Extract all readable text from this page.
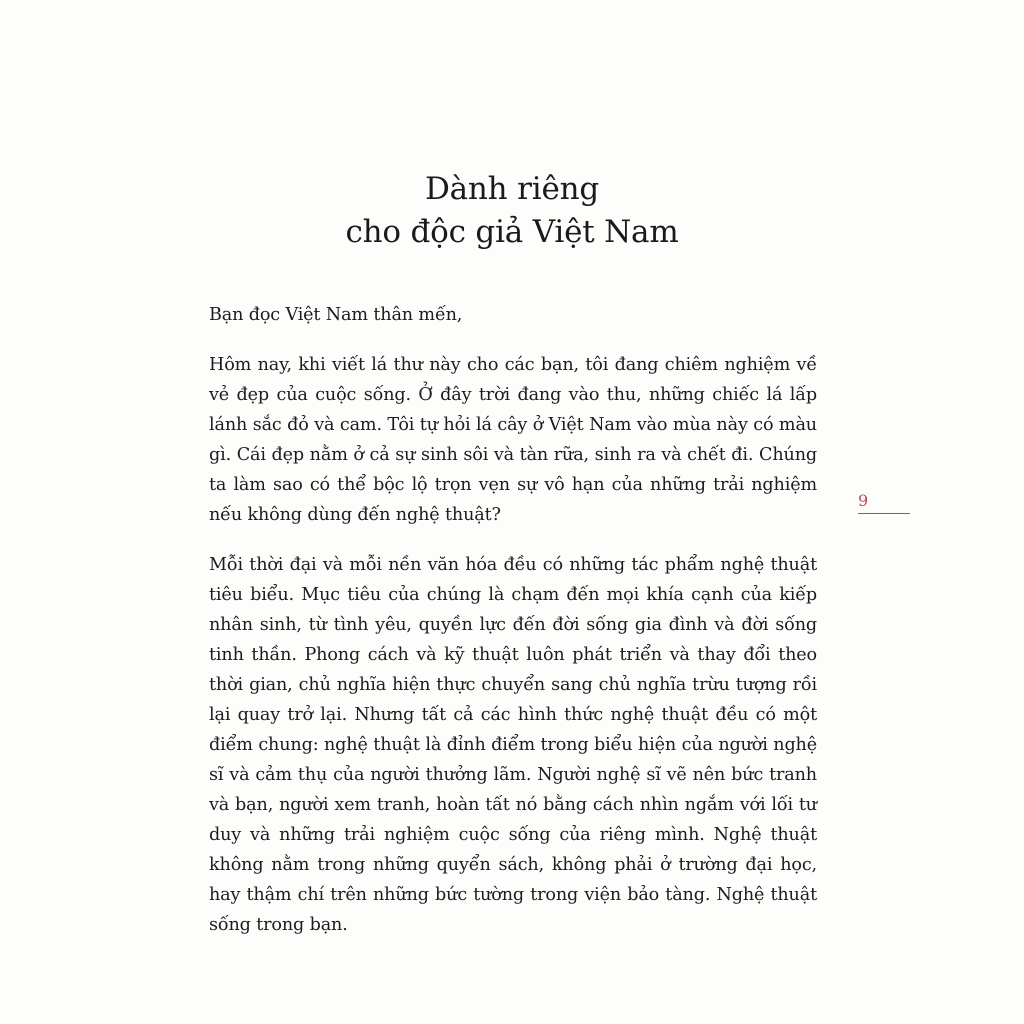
Dành riêng
cho độc giả Việt Nam

Bạn đọc Việt Nam thân mến,

Hôm nay, khi viết lá thư này cho các bạn, tôi đang chiêm nghiệm về vẻ đẹp của cuộc sống. Ở đây trời đang vào thu, những chiếc lá lấp lánh sắc đỏ và cam. Tôi tự hỏi lá cây ở Việt Nam vào mùa này có màu gì. Cái đẹp nằm ở cả sự sinh sôi và tàn rữa, sinh ra và chết đi. Chúng ta làm sao có thể bộc lộ trọn vẹn sự vô hạn của những trải nghiệm nếu không dùng đến nghệ thuật?

Mỗi thời đại và mỗi nền văn hóa đều có những tác phẩm nghệ thuật tiêu biểu. Mục tiêu của chúng là chạm đến mọi khía cạnh của kiếp nhân sinh, từ tình yêu, quyền lực đến đời sống gia đình và đời sống tinh thần. Phong cách và kỹ thuật luôn phát triển và thay đổi theo thời gian, chủ nghĩa hiện thực chuyển sang chủ nghĩa trừu tượng rồi lại quay trở lại. Nhưng tất cả các hình thức nghệ thuật đều có một điểm chung: nghệ thuật là đỉnh điểm trong biểu hiện của người nghệ sĩ và cảm thụ của người thưởng lãm. Người nghệ sĩ vẽ nên bức tranh và bạn, người xem tranh, hoàn tất nó bằng cách nhìn ngắm với lối tư duy và những trải nghiệm cuộc sống của riêng mình. Nghệ thuật không nằm trong những quyển sách, không phải ở trường đại học, hay thậm chí trên những bức tường trong viện bảo tàng. Nghệ thuật sống trong bạn.

9
